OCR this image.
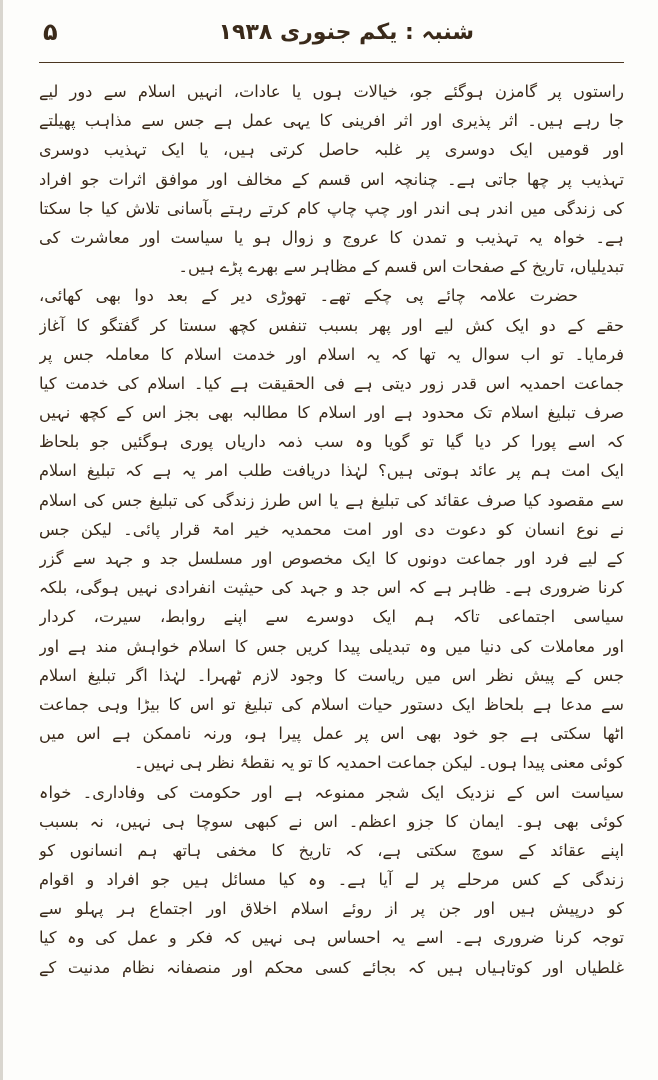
۵	شنبہ : یکم جنوری ۱۹۳۸
راستوں پر گامزن ہوگئے جو، خیالات ہوں یا عادات، انہیں اسلام سے دور لیے
جا رہے ہیں۔ اثر پذیری اور اثر افرینی کا یہی عمل ہے جس سے مذاہب پھیلتے
اور قومیں ایک دوسری پر غلبہ حاصل کرتی ہیں، یا ایک تہذیب دوسری
تہذیب پر چھا جاتی ہے۔ چنانچہ اس قسم کے مخالف اور موافق اثرات جو افراد
کی زندگی میں اندر ہی اندر اور چپ چاپ کام کرتے رہتے بآسانی تلاش کیا جا سکتا
ہے۔ خواہ یہ تہذیب و تمدن کا عروج و زوال ہو یا سیاست اور معاشرت کی
تبدیلیاں، تاریخ کے صفحات اس قسم کے مظاہر سے بھرے پڑے ہیں۔
حضرت علامہ چائے پی چکے تھے۔ تھوڑی دیر کے بعد دوا بھی کھائی،
حقے کے دو ایک کش لیے اور پھر بسبب تنفس کچھ سستا کر گفتگو کا آغاز
فرمایا۔ تو اب سوال یہ تھا کہ یہ اسلام اور خدمت اسلام کا معاملہ جس پر
جماعت احمدیہ اس قدر زور دیتی ہے فی الحقیقت ہے کیا۔ اسلام کی خدمت کیا
صرف تبلیغ اسلام تک محدود ہے اور اسلام کا مطالبہ بھی بجز اس کے کچھ نہیں
کہ اسے پورا کر دیا گیا تو گویا وہ سب ذمہ داریاں پوری ہوگئیں جو بلحاظ
ایک امت ہم پر عائد ہوتی ہیں؟ لہٰذا دریافت طلب امر یہ ہے کہ تبلیغ اسلام
سے مقصود کیا صرف عقائد کی تبلیغ ہے یا اس طرز زندگی کی تبلیغ جس کی اسلام
نے نوع انسان کو دعوت دی اور امت محمدیہ خیر امۃ قرار پائی۔ لیکن جس
کے لیے فرد اور جماعت دونوں کا ایک مخصوص اور مسلسل جد و جہد سے گزر
کرنا ضروری ہے۔ ظاہر ہے کہ اس جد و جہد کی حیثیت انفرادی نہیں ہوگی، بلکہ
سیاسی اجتماعی تاکہ ہم ایک دوسرے سے اپنے روابط، سیرت، کردار
اور معاملات کی دنیا میں وہ تبدیلی پیدا کریں جس کا اسلام خواہش مند ہے اور
جس کے پیش نظر اس میں ریاست کا وجود لازم ٹھہرا۔ لہٰذا اگر تبلیغ اسلام
سے مدعا ہے بلحاظ ایک دستور حیات اسلام کی تبلیغ تو اس کا بیڑا وہی جماعت
اٹھا سکتی ہے جو خود بھی اس پر عمل پیرا ہو، ورنہ ناممکن ہے اس میں
کوئی معنی پیدا ہوں۔ لیکن جماعت احمدیہ کا تو یہ نقطۂ نظر ہی نہیں۔
سیاست اس کے نزدیک ایک شجر ممنوعہ ہے اور حکومت کی وفاداری۔ خواہ
کوئی بھی ہو۔ ایمان کا جزو اعظم۔ اس نے کبھی سوچا ہی نہیں، نہ بسبب
اپنے عقائد کے سوچ سکتی ہے، کہ تاریخ کا مخفی ہاتھ ہم انسانوں کو
زندگی کے کس مرحلے پر لے آیا ہے۔ وہ کیا مسائل ہیں جو افراد و اقوام
کو درپیش ہیں اور جن پر از روئے اسلام اخلاق اور اجتماع ہر پہلو سے
توجہ کرنا ضروری ہے۔ اسے یہ احساس ہی نہیں کہ فکر و عمل کی وہ کیا
غلطیاں اور کوتاہیاں ہیں کہ بجائے کسی محکم اور منصفانہ نظام مدنیت کے
